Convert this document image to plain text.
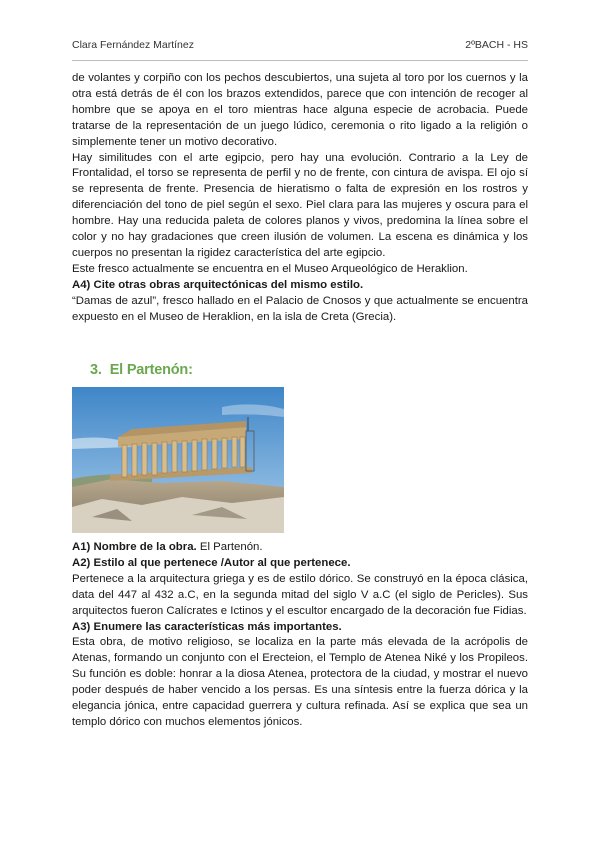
Clara Fernández Martínez	2ºBACH - HS

de volantes y corpiño con los pechos descubiertos, una sujeta al toro por los cuernos y la otra está detrás de él con los brazos extendidos, parece que con intención de recoger al hombre que se apoya en el toro mientras hace alguna especie de acrobacia. Puede tratarse de la representación de un juego lúdico, ceremonia o rito ligado a la religión o simplemente tener un motivo decorativo.

Hay similitudes con el arte egipcio, pero hay una evolución. Contrario a la Ley de Frontalidad, el torso se representa de perfil y no de frente, con cintura de avispa. El ojo sí se representa de frente. Presencia de hieratismo o falta de expresión en los rostros y diferenciación del tono de piel según el sexo. Piel clara para las mujeres y oscura para el hombre. Hay una reducida paleta de colores planos y vivos, predomina la línea sobre el color y no hay gradaciones que creen ilusión de volumen. La escena es dinámica y los cuerpos no presentan la rigidez característica del arte egipcio.

Este fresco actualmente se encuentra en el Museo Arqueológico de Heraklion.

A4) Cite otras obras arquitectónicas del mismo estilo.

“Damas de azul”, fresco hallado en el Palacio de Cnosos y que actualmente se encuentra expuesto en el Museo de Heraklion, en la isla de Creta (Grecia).

3. El Partenón:

A1) Nombre de la obra. El Partenón.

A2) Estilo al que pertenece /Autor al que pertenece.

Pertenece a la arquitectura griega y es de estilo dórico. Se construyó en la época clásica, data del 447 al 432 a.C, en la segunda mitad del siglo V a.C (el siglo de Pericles). Sus arquitectos fueron Calícrates e Ictinos y el escultor encargado de la decoración fue Fidias.

A3) Enumere las características más importantes.

Esta obra, de motivo religioso, se localiza en la parte más elevada de la acrópolis de Atenas, formando un conjunto con el Erecteion, el Templo de Atenea Niké y los Propileos. Su función es doble: honrar a la diosa Atenea, protectora de la ciudad, y mostrar el nuevo poder después de haber vencido a los persas. Es una síntesis entre la fuerza dórica y la elegancia jónica, entre capacidad guerrera y cultura refinada. Así se explica que sea un templo dórico con muchos elementos jónicos.
